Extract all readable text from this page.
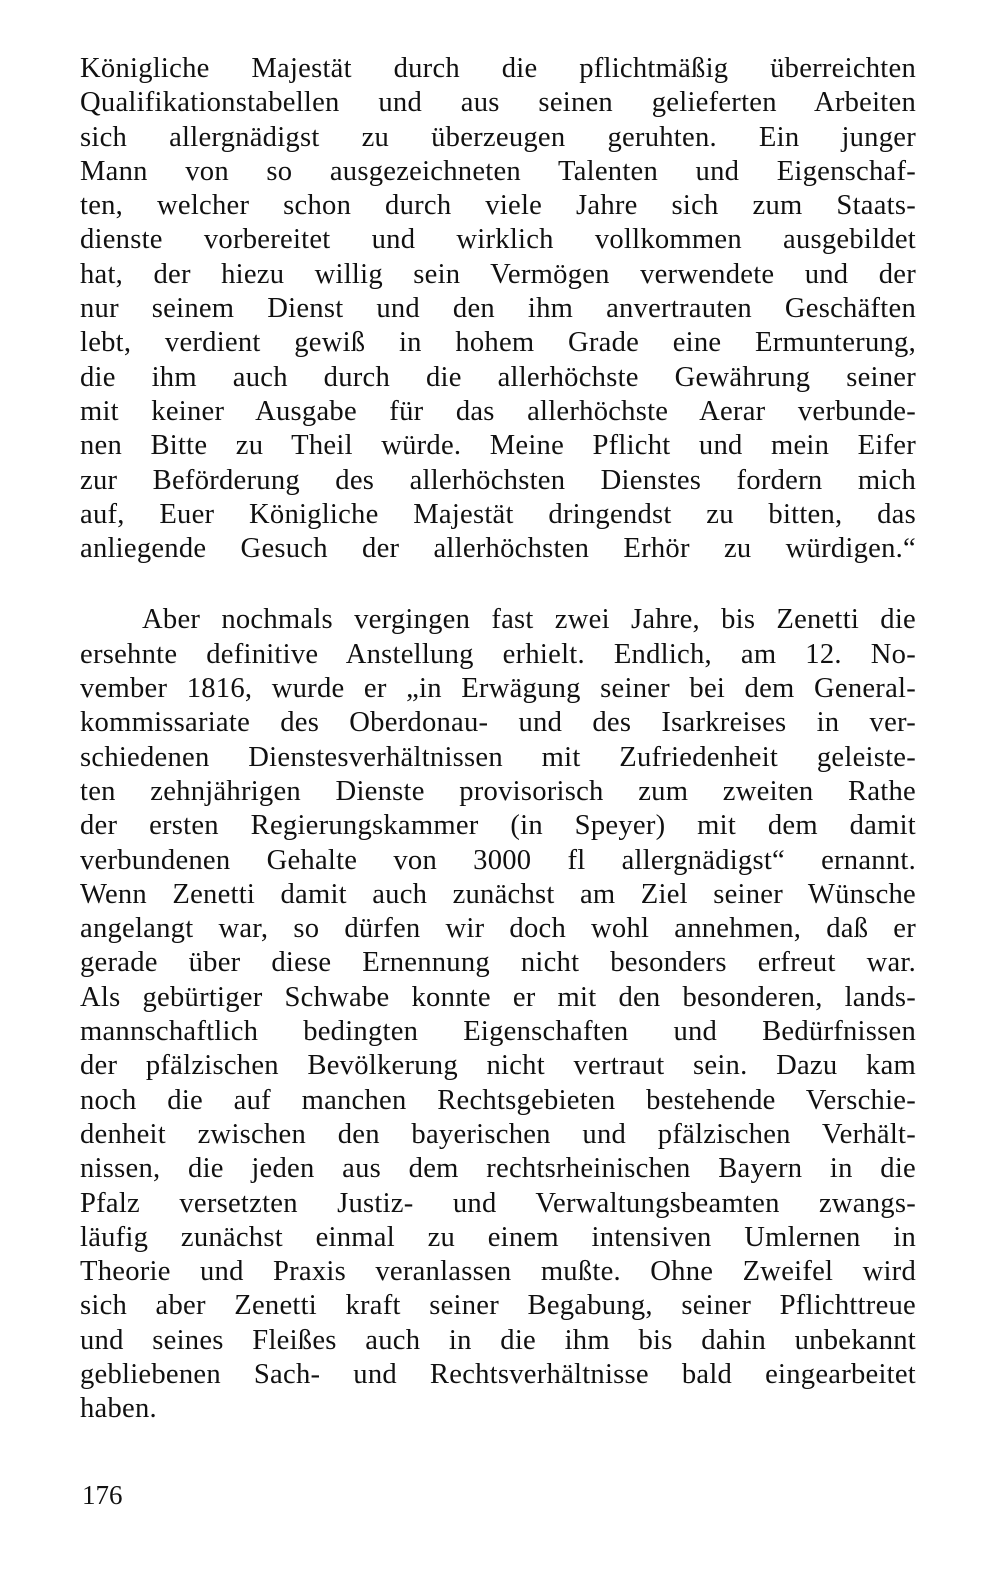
Königliche Majestät durch die pflichtmäßig überreichten
Qualifikationstabellen und aus seinen gelieferten Arbeiten
sich allergnädigst zu überzeugen geruhten. Ein junger
Mann von so ausgezeichneten Talenten und Eigenschaf-
ten, welcher schon durch viele Jahre sich zum Staats-
dienste vorbereitet und wirklich vollkommen ausgebildet
hat, der hiezu willig sein Vermögen verwendete und der
nur seinem Dienst und den ihm anvertrauten Geschäften
lebt, verdient gewiß in hohem Grade eine Ermunterung,
die ihm auch durch die allerhöchste Gewährung seiner
mit keiner Ausgabe für das allerhöchste Aerar verbunde-
nen Bitte zu Theil würde. Meine Pflicht und mein Eifer
zur Beförderung des allerhöchsten Dienstes fordern mich
auf, Euer Königliche Majestät dringendst zu bitten, das
anliegende Gesuch der allerhöchsten Erhör zu würdigen.“
Aber nochmals vergingen fast zwei Jahre, bis Zenetti die
ersehnte definitive Anstellung erhielt. Endlich, am 12. No-
vember 1816, wurde er „in Erwägung seiner bei dem General-
kommissariate des Oberdonau- und des Isarkreises in ver-
schiedenen Dienstesverhältnissen mit Zufriedenheit geleiste-
ten zehnjährigen Dienste provisorisch zum zweiten Rathe
der ersten Regierungskammer (in Speyer) mit dem damit
verbundenen Gehalte von 3000 fl allergnädigst“ ernannt.
Wenn Zenetti damit auch zunächst am Ziel seiner Wünsche
angelangt war, so dürfen wir doch wohl annehmen, daß er
gerade über diese Ernennung nicht besonders erfreut war.
Als gebürtiger Schwabe konnte er mit den besonderen, lands-
mannschaftlich bedingten Eigenschaften und Bedürfnissen
der pfälzischen Bevölkerung nicht vertraut sein. Dazu kam
noch die auf manchen Rechtsgebieten bestehende Verschie-
denheit zwischen den bayerischen und pfälzischen Verhält-
nissen, die jeden aus dem rechtsrheinischen Bayern in die
Pfalz versetzten Justiz- und Verwaltungsbeamten zwangs-
läufig zunächst einmal zu einem intensiven Umlernen in
Theorie und Praxis veranlassen mußte. Ohne Zweifel wird
sich aber Zenetti kraft seiner Begabung, seiner Pflichttreue
und seines Fleißes auch in die ihm bis dahin unbekannt
gebliebenen Sach- und Rechtsverhältnisse bald eingearbeitet
haben.
176
